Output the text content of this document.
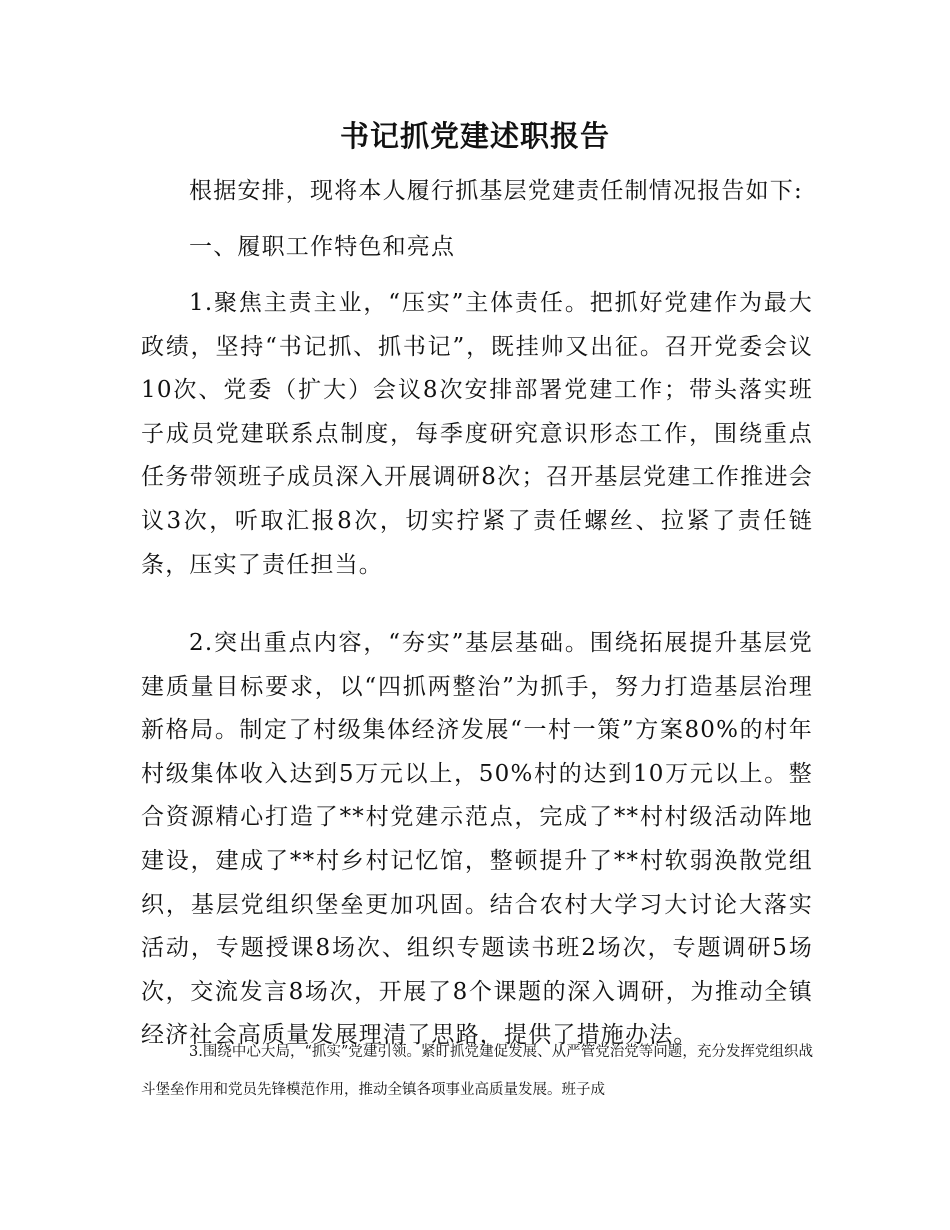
书记抓党建述职报告

根据安排，现将本人履行抓基层党建责任制情况报告如下:

一、履职工作特色和亮点

1.聚焦主责主业，“压实”主体责任。把抓好党建作为最大政绩，坚持“书记抓、抓书记”，既挂帅又出征。召开党委会议10次、党委（扩大）会议8次安排部署党建工作；带头落实班子成员党建联系点制度，每季度研究意识形态工作，围绕重点任务带领班子成员深入开展调研8次；召开基层党建工作推进会议3次，听取汇报8次，切实拧紧了责任螺丝、拉紧了责任链条，压实了责任担当。

2.突出重点内容，“夯实”基层基础。围绕拓展提升基层党建质量目标要求，以“四抓两整治”为抓手，努力打造基层治理新格局。制定了村级集体经济发展“一村一策”方案80%的村年村级集体收入达到5万元以上，50%村的达到10万元以上。整合资源精心打造了**村党建示范点，完成了**村村级活动阵地建设，建成了**村乡村记忆馆，整顿提升了**村软弱涣散党组织，基层党组织堡垒更加巩固。结合农村大学习大讨论大落实活动，专题授课8场次、组织专题读书班2场次，专题调研5场次，交流发言8场次，开展了8个课题的深入调研，为推动全镇经济社会高质量发展理清了思路，提供了措施办法。

3.围绕中心大局，“抓实”党建引领。紧盯抓党建促发展、从严管党治党等问题，充分发挥党组织战斗堡垒作用和党员先锋模范作用，推动全镇各项事业高质量发展。班子成
